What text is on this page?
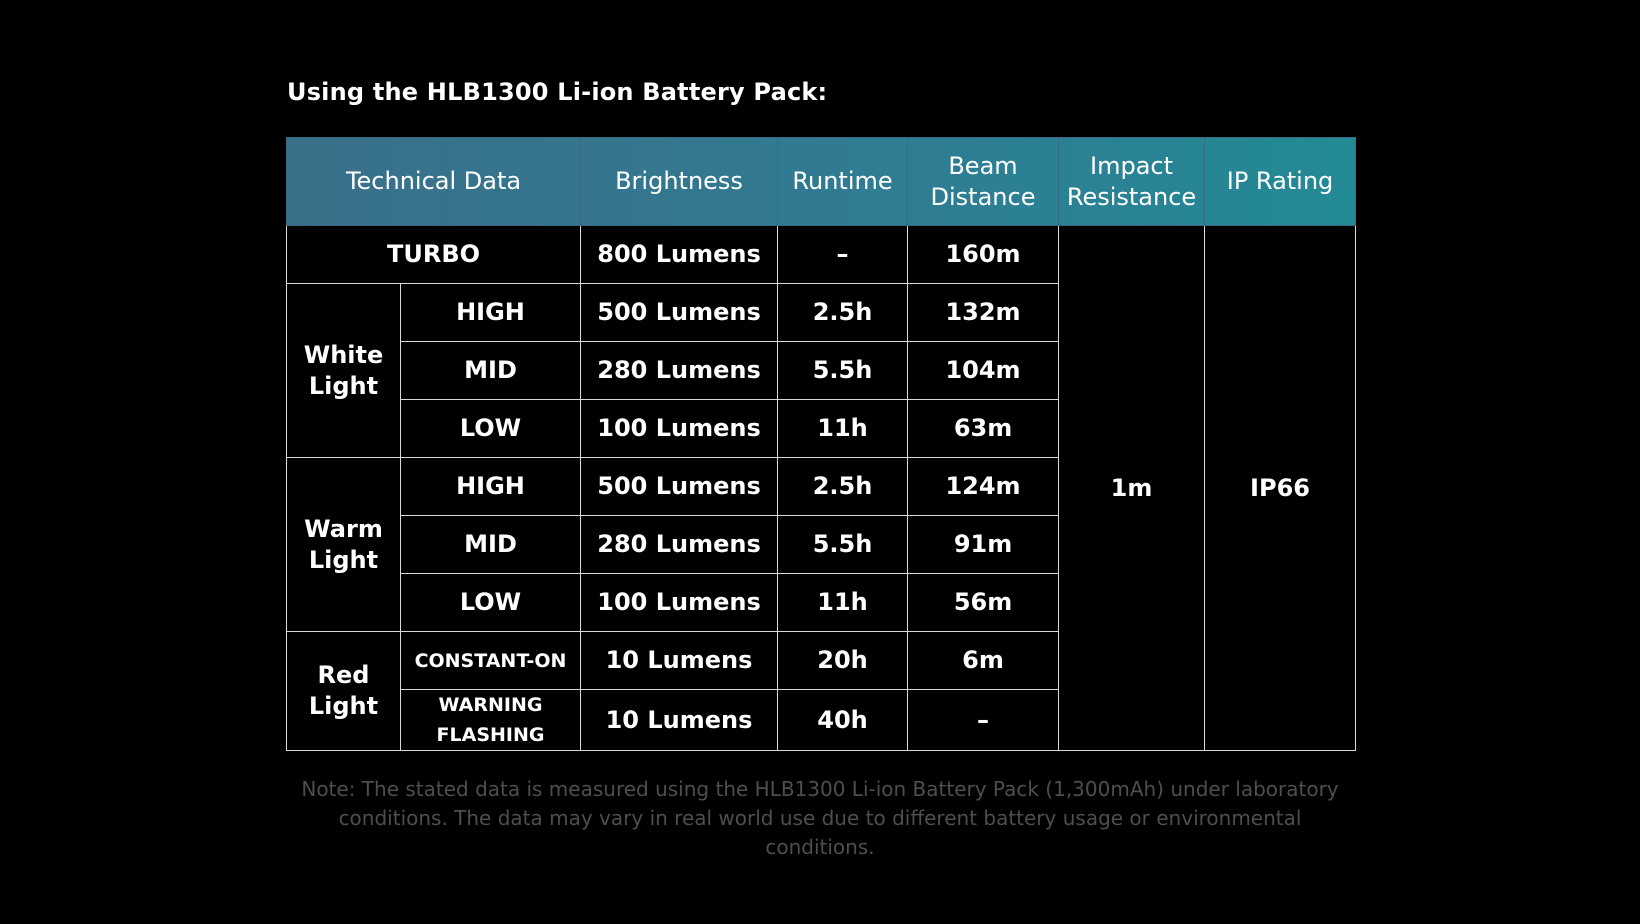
Using the HLB1300 Li-ion Battery Pack:
Technical Data		Brightness	Runtime	Beam Distance	Impact Resistance	IP Rating
TURBO		800 Lumens	–	160m	1m	IP66
White Light	HIGH	500 Lumens	2.5h	132m		
	MID	280 Lumens	5.5h	104m		
	LOW	100 Lumens	11h	63m		
Warm Light	HIGH	500 Lumens	2.5h	124m		
	MID	280 Lumens	5.5h	91m		
	LOW	100 Lumens	11h	56m		
Red Light	CONSTANT-ON	10 Lumens	20h	6m		
	WARNING FLASHING	10 Lumens	40h	–		
Note: The stated data is measured using the HLB1300 Li-ion Battery Pack (1,300mAh) under laboratory conditions. The data may vary in real world use due to different battery usage or environmental conditions.
